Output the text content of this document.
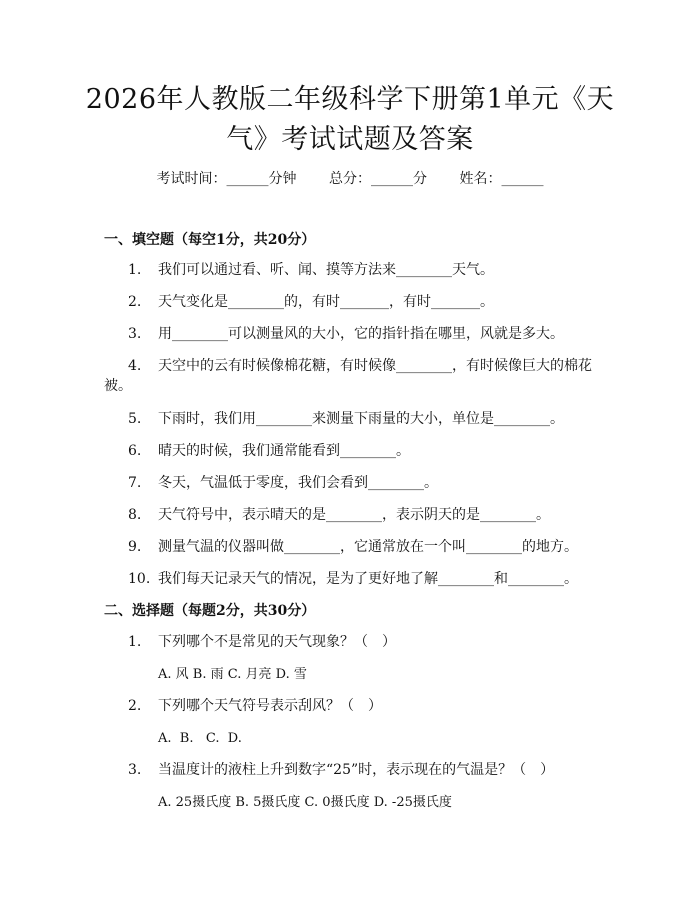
2026年人教版二年级科学下册第1单元《天气》考试试题及答案
考试时间：______分钟 总分：______分 姓名：______
一、填空题（每空1分，共20分）
1.	我们可以通过看、听、闻、摸等方法来________天气。
2.	天气变化是________的，有时_______，有时_______。
3.	用________可以测量风的大小，它的指针指在哪里，风就是多大。
4.	天空中的云有时候像棉花糖，有时候像________，有时候像巨大的棉花被。
5.	下雨时，我们用________来测量下雨量的大小，单位是________。
6.	晴天的时候，我们通常能看到________。
7.	冬天，气温低于零度，我们会看到________。
8.	天气符号中，表示晴天的是________，表示阴天的是________。
9.	测量气温的仪器叫做________，它通常放在一个叫________的地方。
10. 我们每天记录天气的情况，是为了更好地了解________和________。
二、选择题（每题2分，共30分）
1.	下列哪个不是常见的天气现象？（　）
A. 风 B. 雨 C. 月亮 D. 雪
2.	下列哪个天气符号表示刮风？（　）
A.  B.   C.  D.
3.	当温度计的液柱上升到数字“25”时，表示现在的气温是？（　）
A. 25摄氏度 B. 5摄氏度 C. 0摄氏度 D. -25摄氏度
